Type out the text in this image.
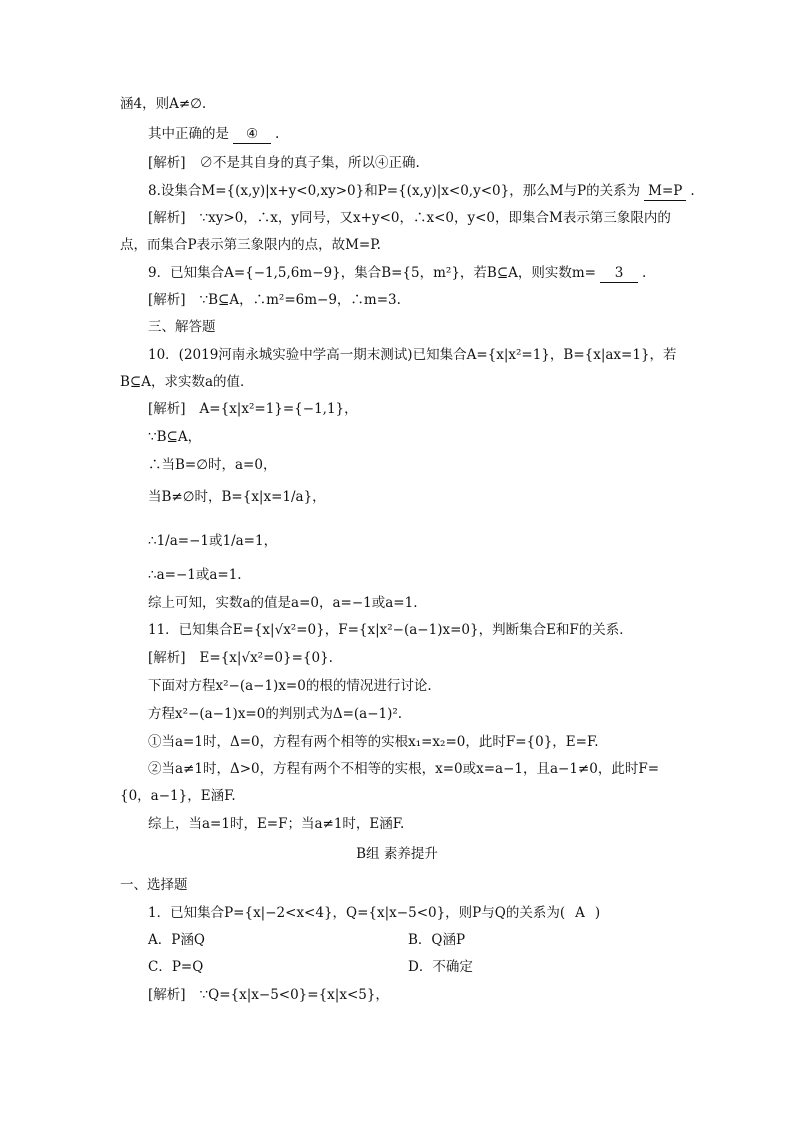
涵4，则A≠∅.
其中正确的是 ④ .
[解析] ∅不是其自身的真子集，所以④正确.
8.设集合M={(x,y)|x+y<0,xy>0}和P={(x,y)|x<0,y<0}，那么M与P的关系为 M=P .
[解析] ∵xy>0，∴x，y同号，又x+y<0，∴x<0，y<0，即集合M表示第三象限内的
点，而集合P表示第三象限内的点，故M=P.
9．已知集合A={−1,5,6m−9}，集合B={5，m²}，若B⊆A，则实数m= 3 .
[解析] ∵B⊆A，∴m²=6m−9，∴m=3.
三、解答题
10．(2019河南永城实验中学高一期末测试)已知集合A={x|x²=1}，B={x|ax=1}，若
B⊆A，求实数a的值．
[解析] A={x|x²=1}={−1,1}，
∵B⊆A，
∴当B=∅时，a=0，
当B≠∅时，B={x|x=1/a}，
∴1/a=−1或1/a=1，
∴a=−1或a=1.
综上可知，实数a的值是a=0，a=−1或a=1.
11．已知集合E={x|√x²=0}，F={x|x²−(a−1)x=0}，判断集合E和F的关系．
[解析] E={x|√x²=0}={0}.
下面对方程x²−(a−1)x=0的根的情况进行讨论.
方程x²−(a−1)x=0的判别式为Δ=(a−1)².
①当a=1时，Δ=0，方程有两个相等的实根x₁=x₂=0，此时F={0}，E=F.
②当a≠1时，Δ>0，方程有两个不相等的实根，x=0或x=a−1，且a−1≠0，此时F=
{0，a−1}，E涵F.
综上，当a=1时，E=F；当a≠1时，E涵F.
B组 素养提升
一、选择题
1．已知集合P={x|−2<x<4}，Q={x|x−5<0}，则P与Q的关系为( A )
A．P涵Q	B．Q涵P
C．P=Q	D．不确定
[解析] ∵Q={x|x−5<0}={x|x<5}，
